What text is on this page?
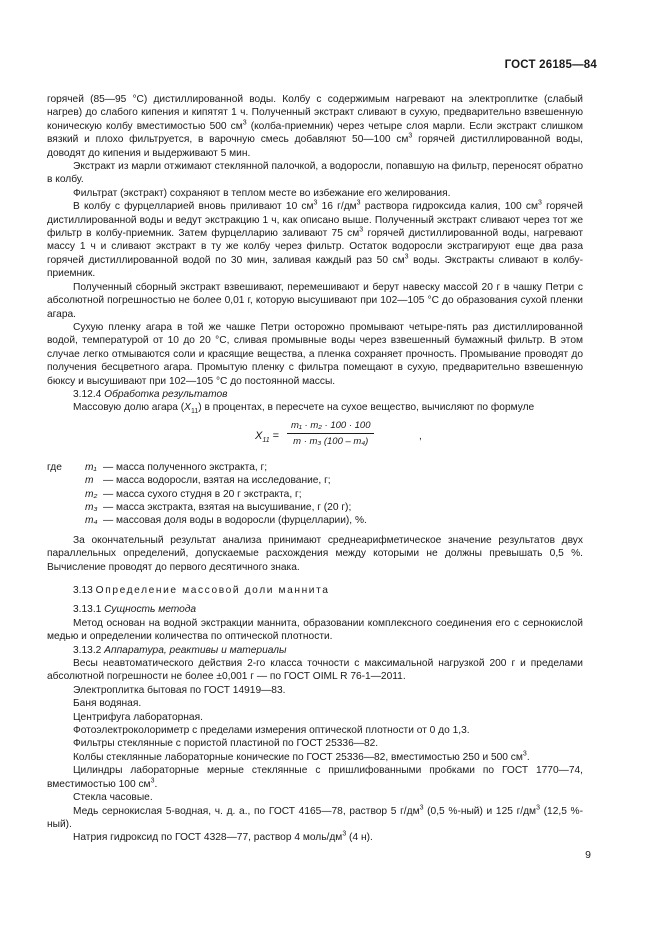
ГОСТ 26185—84

горячей (85—95 °С) дистиллированной воды. Колбу с содержимым нагревают на электроплитке (слабый нагрев) до слабого кипения и кипятят 1 ч. Полученный экстракт сливают в сухую, предварительно взвешенную коническую колбу вместимостью 500 $см^3$ (колба-приемник) через четыре слоя марли. Если экстракт слишком вязкий и плохо фильтруется, в варочную смесь добавляют 50—100 $см^3$ горячей дистиллированной воды, доводят до кипения и выдерживают 5 мин.

Экстракт из марли отжимают стеклянной палочкой, а водоросли, попавшую на фильтр, переносят обратно в колбу.

Фильтрат (экстракт) сохраняют в теплом месте во избежание его желирования.

В колбу с фурцелларией вновь приливают 10 $см^3$ 16 $г/дм^3$ раствора гидроксида калия, 100 $см^3$ горячей дистиллированной воды и ведут экстракцию 1 ч, как описано выше. Полученный экстракт сливают через тот же фильтр в колбу-приемник. Затем фурцелларию заливают 75 $см^3$ горячей дистиллированной воды, нагревают массу 1 ч и сливают экстракт в ту же колбу через фильтр. Остаток водоросли экстрагируют еще два раза горячей дистиллированной водой по 30 мин, заливая каждый раз 50 $см^3$ воды. Экстракты сливают в колбу-приемник.

Полученный сборный экстракт взвешивают, перемешивают и берут навеску массой 20 г в чашку Петри с абсолютной погрешностью не более 0,01 г, которую высушивают при 102—105 °С до образования сухой пленки агара.

Сухую пленку агара в той же чашке Петри осторожно промывают четыре-пять раз дистиллированной водой, температурой от 10 до 20 °С, сливая промывные воды через взвешенный бумажный фильтр. В этом случае легко отмываются соли и красящие вещества, а пленка сохраняет прочность. Промывание проводят до получения бесцветного агара. Промытую пленку с фильтра помещают в сухую, предварительно взвешенную бюксу и высушивают при 102—105 °С до постоянной массы.

3.12.4 Обработка результатов

Массовую долю агара $(X_{11})$ в процентах, в пересчете на сухое вещество, вычисляют по формуле

$X_{11} = \frac{\text{m₁ · m₂ · 100 · 100}}{\text{m · m₃ (100 – m₄)}}$	,
где	m₁ — масса полученного экстракта, г;
m — масса водоросли, взятая на исследование, г;
m₂ — масса сухого студня в 20 г экстракта, г;
m₃ — масса экстракта, взятая на высушивание, г (20 г);
m₄ — массовая доля воды в водоросли (фурцелларии), %.

За окончательный результат анализа принимают среднеарифметическое значение результатов двух параллельных определений, допускаемые расхождения между которыми не должны превышать 0,5 %. Вычисление проводят до первого десятичного знака.

3.13 Определение массовой доли маннита

3.13.1 Сущность метода

Метод основан на водной экстракции маннита, образовании комплексного соединения его с сернокислой медью и определении количества по оптической плотности.

3.13.2 Аппаратура, реактивы и материалы

Весы неавтоматического действия 2-го класса точности с максимальной нагрузкой 200 г и пределами абсолютной погрешности не более ±0,001 г — по ГОСТ OIML R 76-1—2011.

Электроплитка бытовая по ГОСТ 14919—83.

Баня водяная.

Центрифуга лабораторная.

Фотоэлектроколориметр с пределами измерения оптической плотности от 0 до 1,3.

Фильтры стеклянные с пористой пластиной по ГОСТ 25336—82.

Колбы стеклянные лабораторные конические по ГОСТ 25336—82, вместимостью 250 и 500 $см^3$.

Цилиндры лабораторные мерные стеклянные с пришлифованными пробками по ГОСТ 1770—74, вместимостью 100 $см^3$.

Стекла часовые.

Медь сернокислая 5-водная, ч. д. а., по ГОСТ 4165—78, раствор 5 $г/дм^3$ (0,5 %-ный) и 125 $г/дм^3$ (12,5 %-ный).

Натрия гидроксид по ГОСТ 4328—77, раствор 4 моль/$дм^3$ (4 н).

9
